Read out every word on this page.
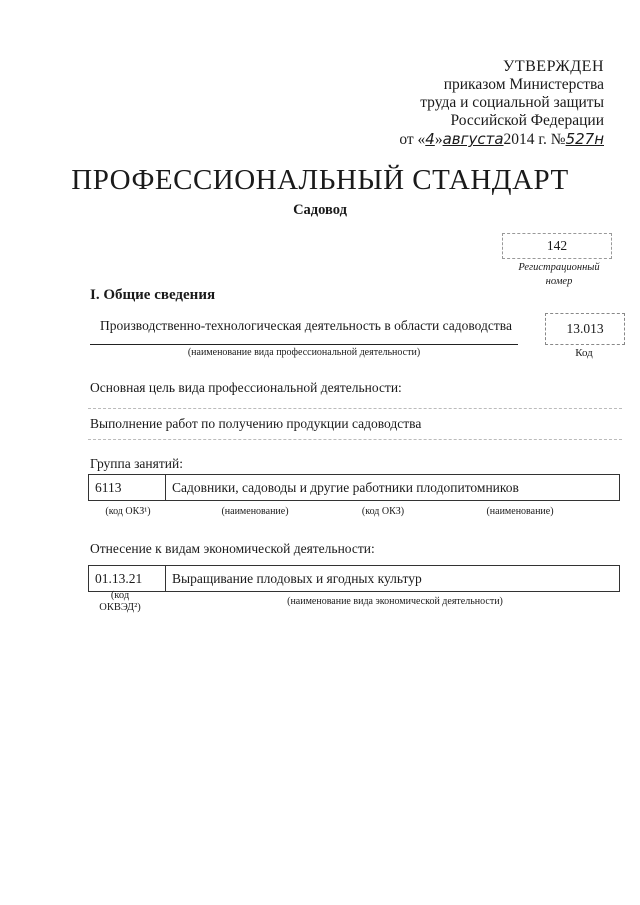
УТВЕРЖДЕН
приказом Министерства
труда и социальной защиты
Российской Федерации
от «4»августа2014 г. №527н
ПРОФЕССИОНАЛЬНЫЙ СТАНДАРТ
Садовод
142
Регистрационный номер
I. Общие сведения
Производственно-технологическая деятельность в области садоводства	13.013
(наименование вида профессиональной деятельности)	Код
Основная цель вида профессиональной деятельности:
Выполнение работ по получению продукции садоводства
Группа занятий:
6113	Садовники, садоводы и другие работники плодопитомников
(код ОКЗ¹)	(наименование)	(код ОКЗ)	(наименование)
Отнесение к видам экономической деятельности:
01.13.21	Выращивание плодовых и ягодных культур
(код ОКВЭД²)
(наименование вида экономической деятельности)
